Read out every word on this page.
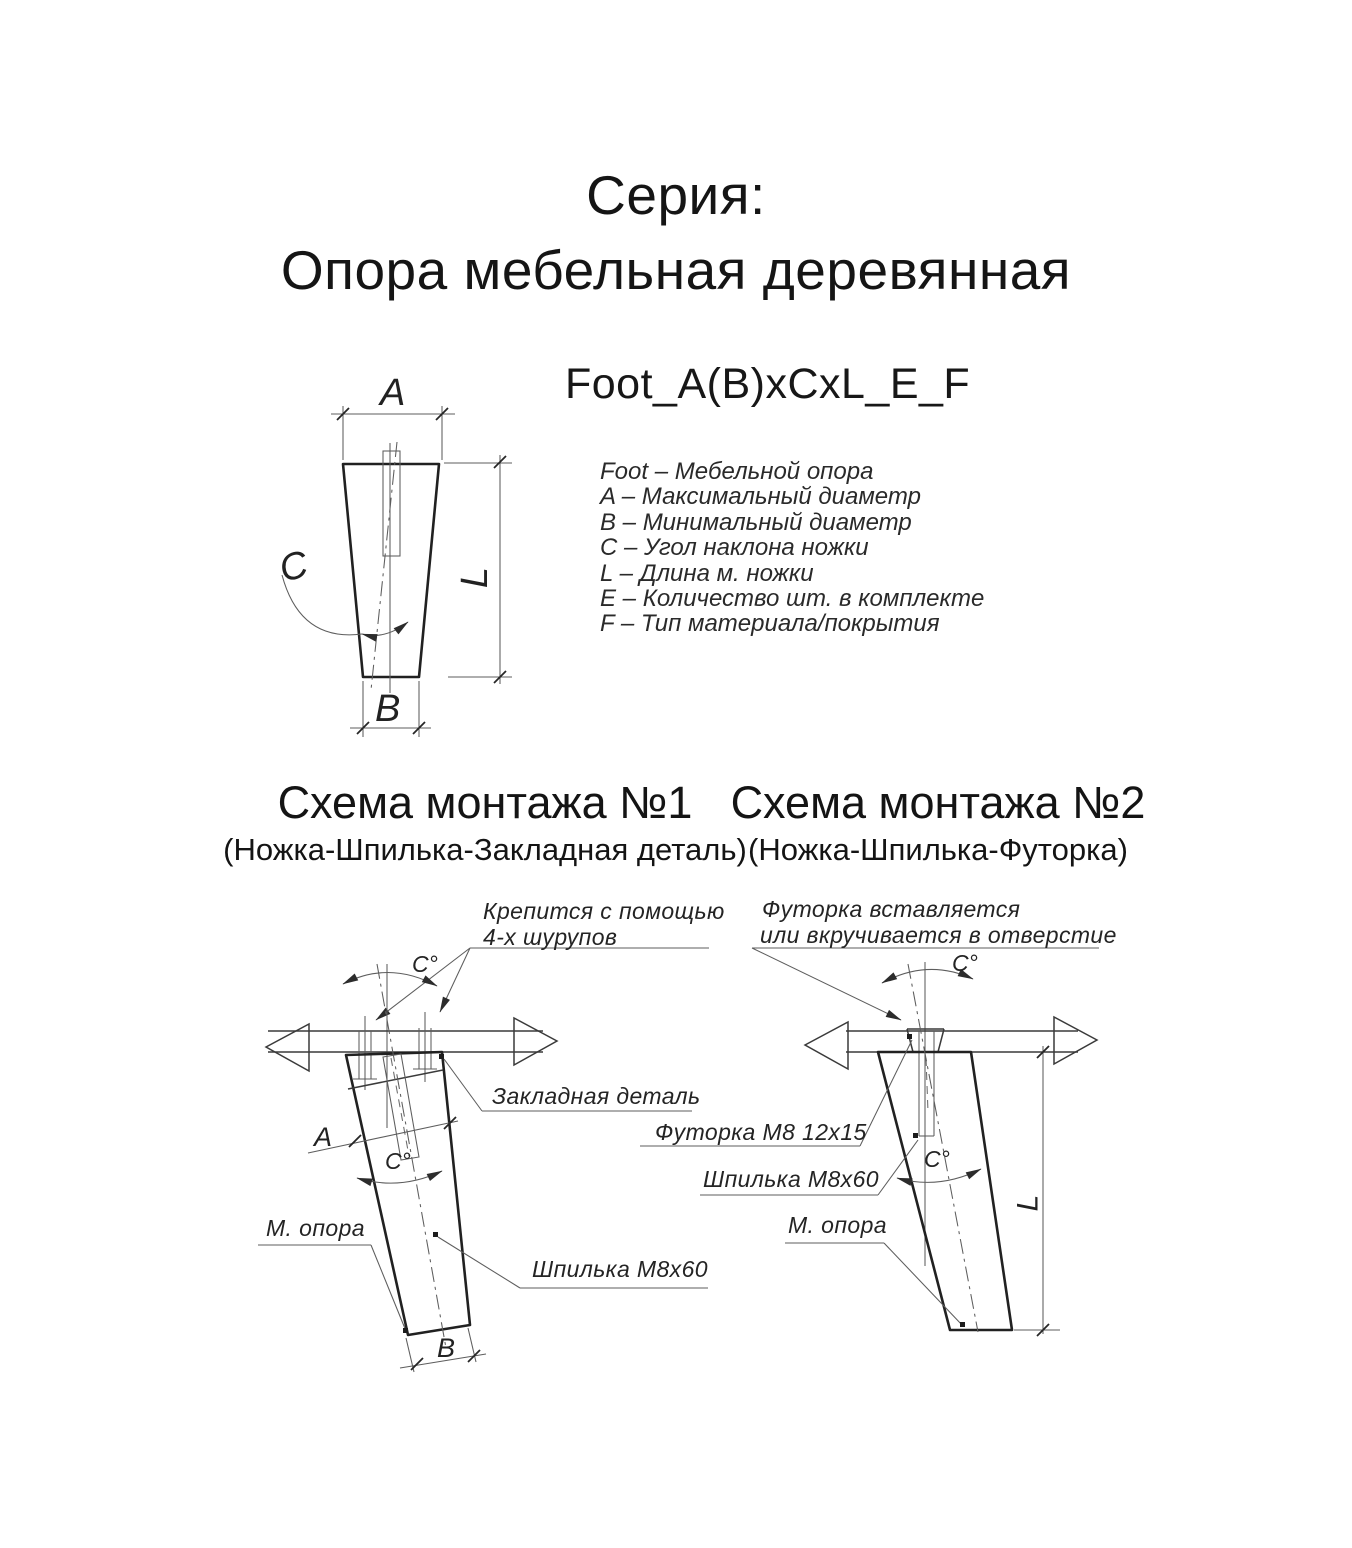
Серия:
Опора мебельная деревянная
Foot_A(B)xCxL_E_F
Foot – Мебельной опора
A – Максимальный диаметр
B – Минимальный диаметр
C – Угол наклона ножки
L – Длина м. ножки
E – Количество шт. в комплекте
F – Тип материала/покрытия
A
B
L
C
Схема монтажа №1
(Ножка-Шпилька-Закладная деталь)
Схема монтажа №2
(Ножка-Шпилька-Футорка)
Крепится с помощью
4-х шурупов
C°
A
C°
Закладная деталь
М. опора
Шпилька М8х60
B
Футорка вставляется
или вкручивается в отверстие
C°
Футорка М8 12х15
Шпилька М8х60
C°
М. опора
L
